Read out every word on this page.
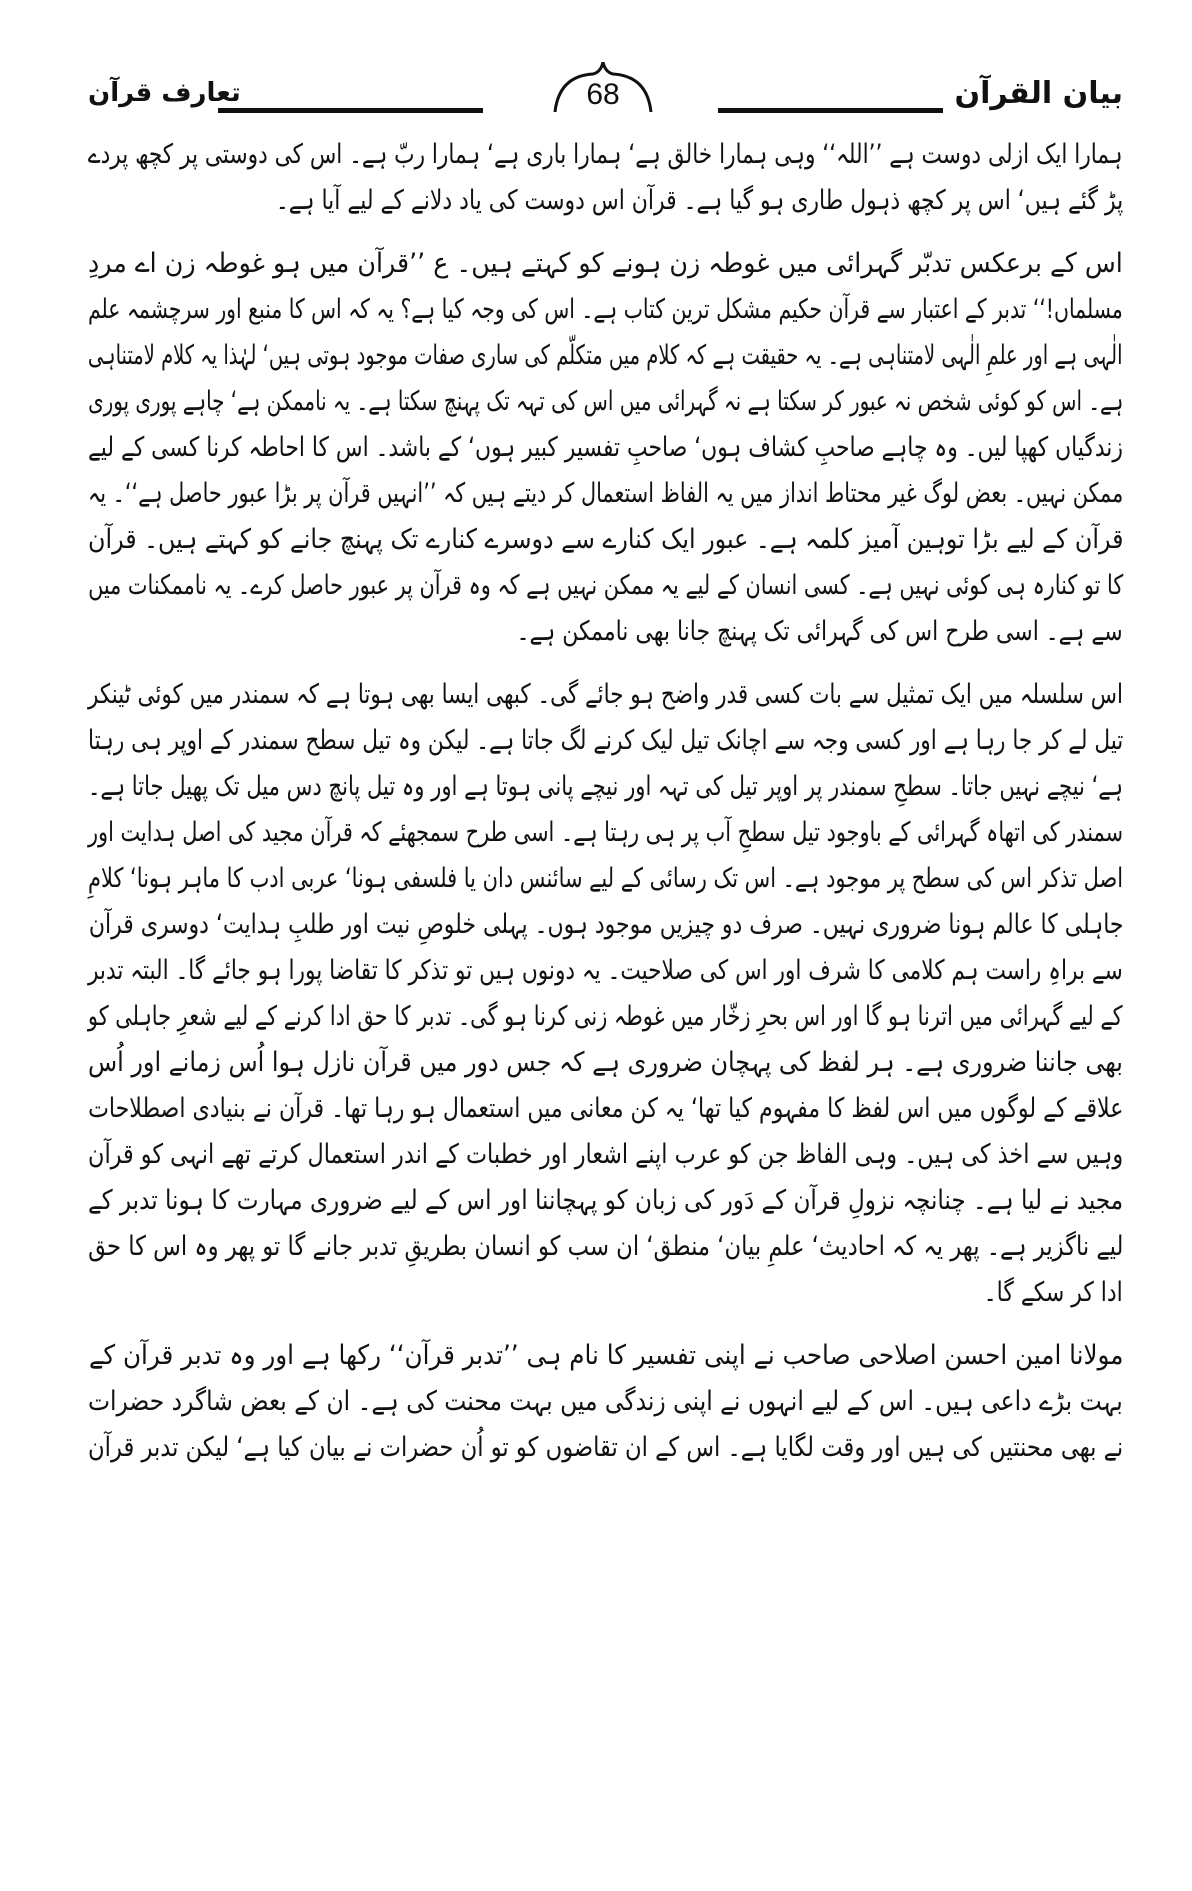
بیان القرآن
68
تعارف قرآن
ہمارا ایک ازلی دوست ہے ’’اللہ‘‘ وہی ہمارا خالق ہے‘ ہمارا باری ہے‘ ہمارا ربّ ہے۔ اس کی دوستی پر کچھ پردے
پڑ گئے ہیں‘ اس پر کچھ ذہول طاری ہو گیا ہے۔ قرآن اس دوست کی یاد دلانے کے لیے آیا ہے۔
اس کے برعکس تدبّر گہرائی میں غوطہ زن ہونے کو کہتے ہیں۔ ع ’’قرآن میں ہو غوطہ زن اے مردِ
مسلماں!‘‘ تدبر کے اعتبار سے قرآن حکیم مشکل ترین کتاب ہے۔ اس کی وجہ کیا ہے؟ یہ کہ اس کا منبع اور سرچشمہ علم
الٰہی ہے اور علمِ الٰہی لامتناہی ہے۔ یہ حقیقت ہے کہ کلام میں متکلّم کی ساری صفات موجود ہوتی ہیں‘ لہٰذا یہ کلام لامتناہی
ہے۔ اس کو کوئی شخص نہ عبور کر سکتا ہے نہ گہرائی میں اس کی تہہ تک پہنچ سکتا ہے۔ یہ ناممکن ہے‘ چاہے پوری پوری
زندگیاں کھپا لیں۔ وہ چاہے صاحبِ کشاف ہوں‘ صاحبِ تفسیر کبیر ہوں‘ کے باشد۔ اس کا احاطہ کرنا کسی کے لیے
ممکن نہیں۔ بعض لوگ غیر محتاط انداز میں یہ الفاظ استعمال کر دیتے ہیں کہ ’’انہیں قرآن پر بڑا عبور حاصل ہے‘‘۔ یہ
قرآن کے لیے بڑا توہین آمیز کلمہ ہے۔ عبور ایک کنارے سے دوسرے کنارے تک پہنچ جانے کو کہتے ہیں۔ قرآن
کا تو کنارہ ہی کوئی نہیں ہے۔ کسی انسان کے لیے یہ ممکن نہیں ہے کہ وہ قرآن پر عبور حاصل کرے۔ یہ ناممکنات میں
سے ہے۔ اسی طرح اس کی گہرائی تک پہنچ جانا بھی ناممکن ہے۔
اس سلسلہ میں ایک تمثیل سے بات کسی قدر واضح ہو جائے گی۔ کبھی ایسا بھی ہوتا ہے کہ سمندر میں کوئی ٹینکر
تیل لے کر جا رہا ہے اور کسی وجہ سے اچانک تیل لیک کرنے لگ جاتا ہے۔ لیکن وہ تیل سطح سمندر کے اوپر ہی رہتا
ہے‘ نیچے نہیں جاتا۔ سطحِ سمندر پر اوپر تیل کی تہہ اور نیچے پانی ہوتا ہے اور وہ تیل پانچ دس میل تک پھیل جاتا ہے۔
سمندر کی اتھاہ گہرائی کے باوجود تیل سطحِ آب پر ہی رہتا ہے۔ اسی طرح سمجھئے کہ قرآن مجید کی اصل ہدایت اور
اصل تذکر اس کی سطح پر موجود ہے۔ اس تک رسائی کے لیے سائنس دان یا فلسفی ہونا‘ عربی ادب کا ماہر ہونا‘ کلامِ
جاہلی کا عالم ہونا ضروری نہیں۔ صرف دو چیزیں موجود ہوں۔ پہلی خلوصِ نیت اور طلبِ ہدایت‘ دوسری قرآن
سے براہِ راست ہم کلامی کا شرف اور اس کی صلاحیت۔ یہ دونوں ہیں تو تذکر کا تقاضا پورا ہو جائے گا۔ البتہ تدبر
کے لیے گہرائی میں اترنا ہو گا اور اس بحرِ زخّار میں غوطہ زنی کرنا ہو گی۔ تدبر کا حق ادا کرنے کے لیے شعرِ جاہلی کو
بھی جاننا ضروری ہے۔ ہر لفظ کی پہچان ضروری ہے کہ جس دور میں قرآن نازل ہوا اُس زمانے اور اُس
علاقے کے لوگوں میں اس لفظ کا مفہوم کیا تھا‘ یہ کن معانی میں استعمال ہو رہا تھا۔ قرآن نے بنیادی اصطلاحات
وہیں سے اخذ کی ہیں۔ وہی الفاظ جن کو عرب اپنے اشعار اور خطبات کے اندر استعمال کرتے تھے انہی کو قرآن
مجید نے لیا ہے۔ چنانچہ نزولِ قرآن کے دَور کی زبان کو پہچاننا اور اس کے لیے ضروری مہارت کا ہونا تدبر کے
لیے ناگزیر ہے۔ پھر یہ کہ احادیث‘ علمِ بیان‘ منطق‘ ان سب کو انسان بطریقِ تدبر جانے گا تو پھر وہ اس کا حق
ادا کر سکے گا۔
مولانا امین احسن اصلاحی صاحب نے اپنی تفسیر کا نام ہی ’’تدبر قرآن‘‘ رکھا ہے اور وہ تدبر قرآن کے
بہت بڑے داعی ہیں۔ اس کے لیے انہوں نے اپنی زندگی میں بہت محنت کی ہے۔ ان کے بعض شاگرد حضرات
نے بھی محنتیں کی ہیں اور وقت لگایا ہے۔ اس کے ان تقاضوں کو تو اُن حضرات نے بیان کیا ہے‘ لیکن تدبر قرآن
